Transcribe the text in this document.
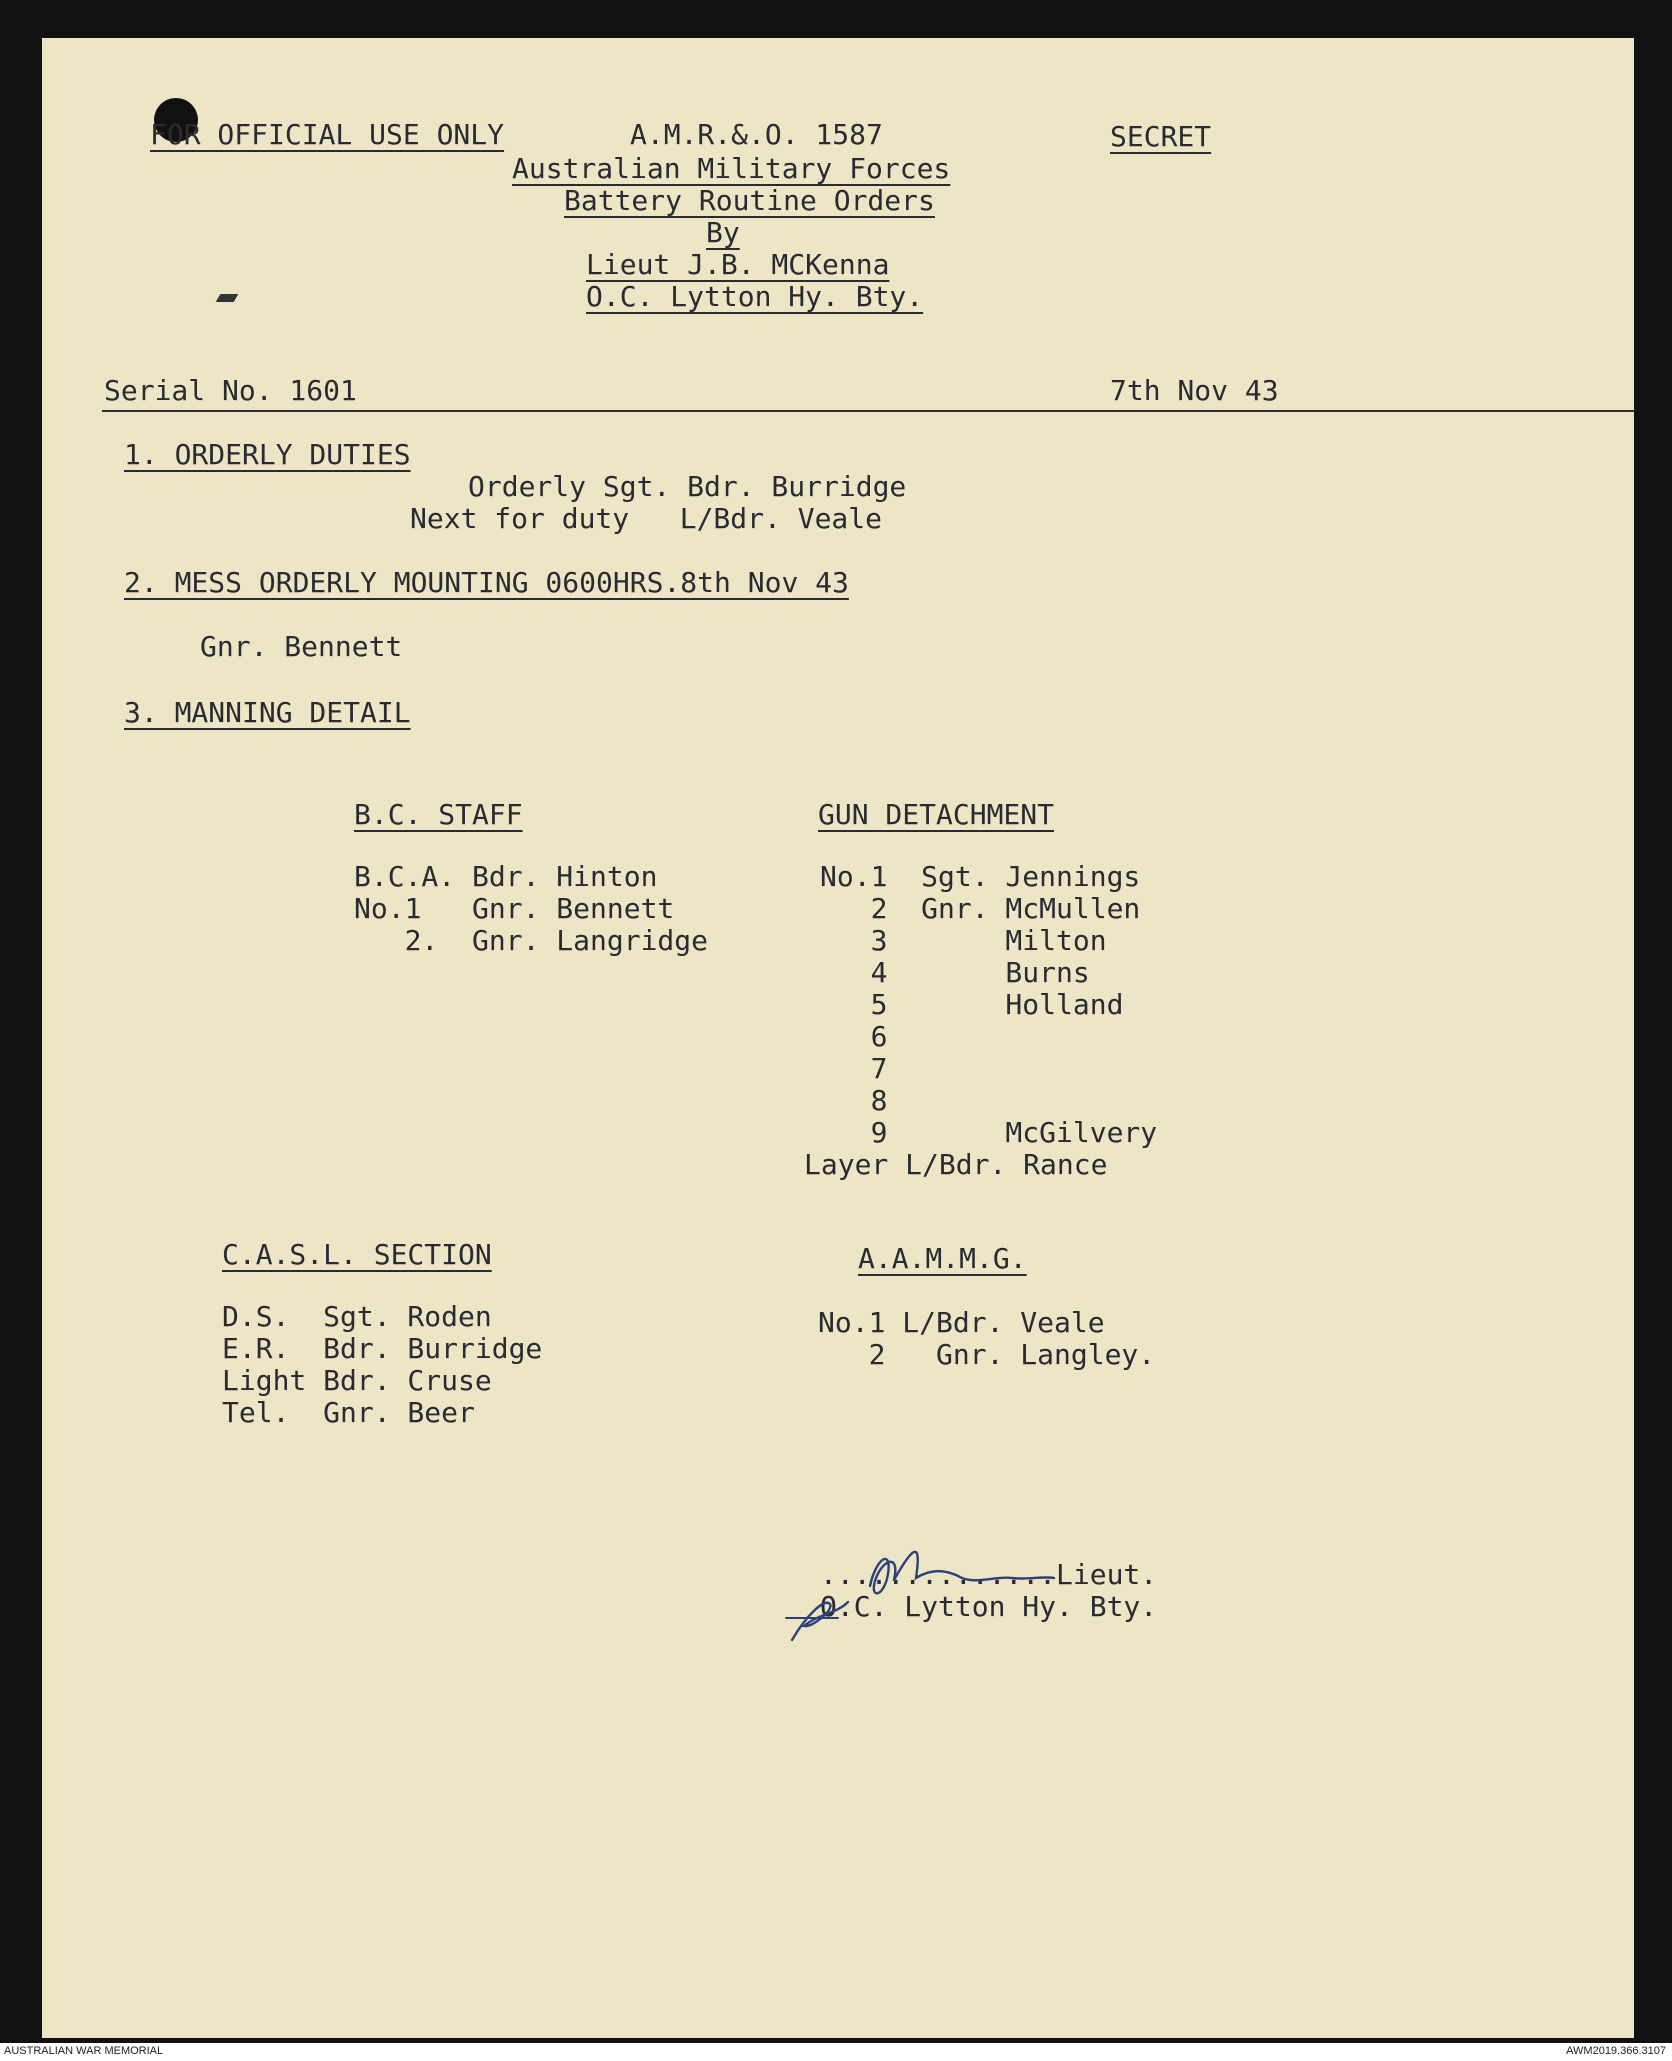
FOR OFFICIAL USE ONLY	A.M.R.&.O. 1587	SECRET
Australian Military Forces
Battery Routine Orders
By
Lieut J.B. MCKenna
O.C. Lytton Hy. Bty.
Serial No. 1601	7th Nov 43
1. ORDERLY DUTIES
Orderly Sgt. Bdr. Burridge
Next for duty   L/Bdr. Veale
2. MESS ORDERLY MOUNTING 0600HRS.8th Nov 43
Gnr. Bennett
3. MANNING DETAIL
B.C. STAFF
B.C.A. Bdr. Hinton
No.1   Gnr. Bennett
2.  Gnr. Langridge
GUN DETACHMENT
No.1  Sgt. Jennings
2  Gnr. McMullen
3       Milton
4       Burns
5       Holland
6
7
8
9       McGilvery
Layer L/Bdr. Rance
C.A.S.L. SECTION
D.S.  Sgt. Roden
E.R.  Bdr. Burridge
Light Bdr. Cruse
Tel.  Gnr. Beer
A.A.M.M.G.
No.1 L/Bdr. Veale
2   Gnr. Langley.
..............Lieut.
O.C. Lytton Hy. Bty.
AUSTRALIAN WAR MEMORIAL	AWM2019.366.3107
